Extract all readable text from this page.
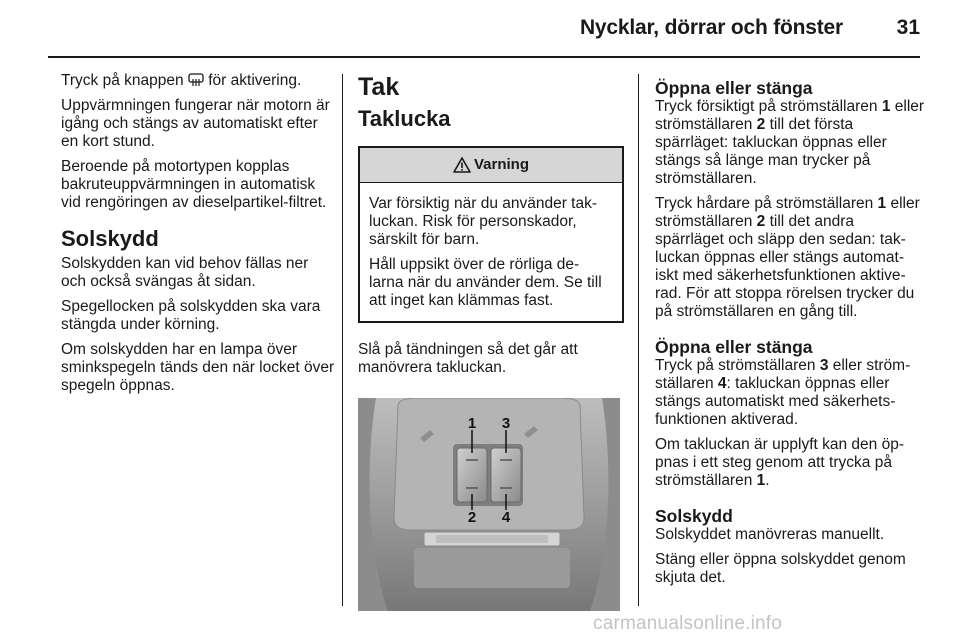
Nycklar, dörrar och fönster	31

Tryck på knappen  för aktivering.

Uppvärmningen fungerar när motorn är igång och stängs av automatiskt efter en kort stund.

Beroende på motortypen kopplas bakruteuppvärmningen in automatisk vid rengöringen av dieselpartikel-filtret.

Solskydd

Solskydden kan vid behov fällas ner och också svängas åt sidan.

Spegellocken på solskydden ska vara stängda under körning.

Om solskydden har en lampa över sminkspegeln tänds den när locket över spegeln öppnas.

Tak
Taklucka
Varning

Var försiktig när du använder tak-luckan. Risk för personskador, särskilt för barn.

Håll uppsikt över de rörliga de-larna när du använder dem. Se till att inget kan klämmas fast.

Slå på tändningen så det går att manövrera takluckan.

1 3
2 4
Öppna eller stänga

Tryck försiktigt på strömställaren 1 eller strömställaren 2 till det första spärrläget: takluckan öppnas eller stängs så länge man trycker på strömställaren.

Tryck hårdare på strömställaren 1 eller strömställaren 2 till det andra spärrläget och släpp den sedan: tak-luckan öppnas eller stängs automat-iskt med säkerhetsfunktionen aktive-rad. För att stoppa rörelsen trycker du på strömställaren en gång till.

Öppna eller stänga

Tryck på strömställaren 3 eller ström-ställaren 4: takluckan öppnas eller stängs automatiskt med säkerhets-funktionen aktiverad.

Om takluckan är upplyft kan den öp-pnas i ett steg genom att trycka på strömställaren 1.

Solskydd

Solskyddet manövreras manuellt.

Stäng eller öppna solskyddet genom skjuta det.

carmanualsonline.info
